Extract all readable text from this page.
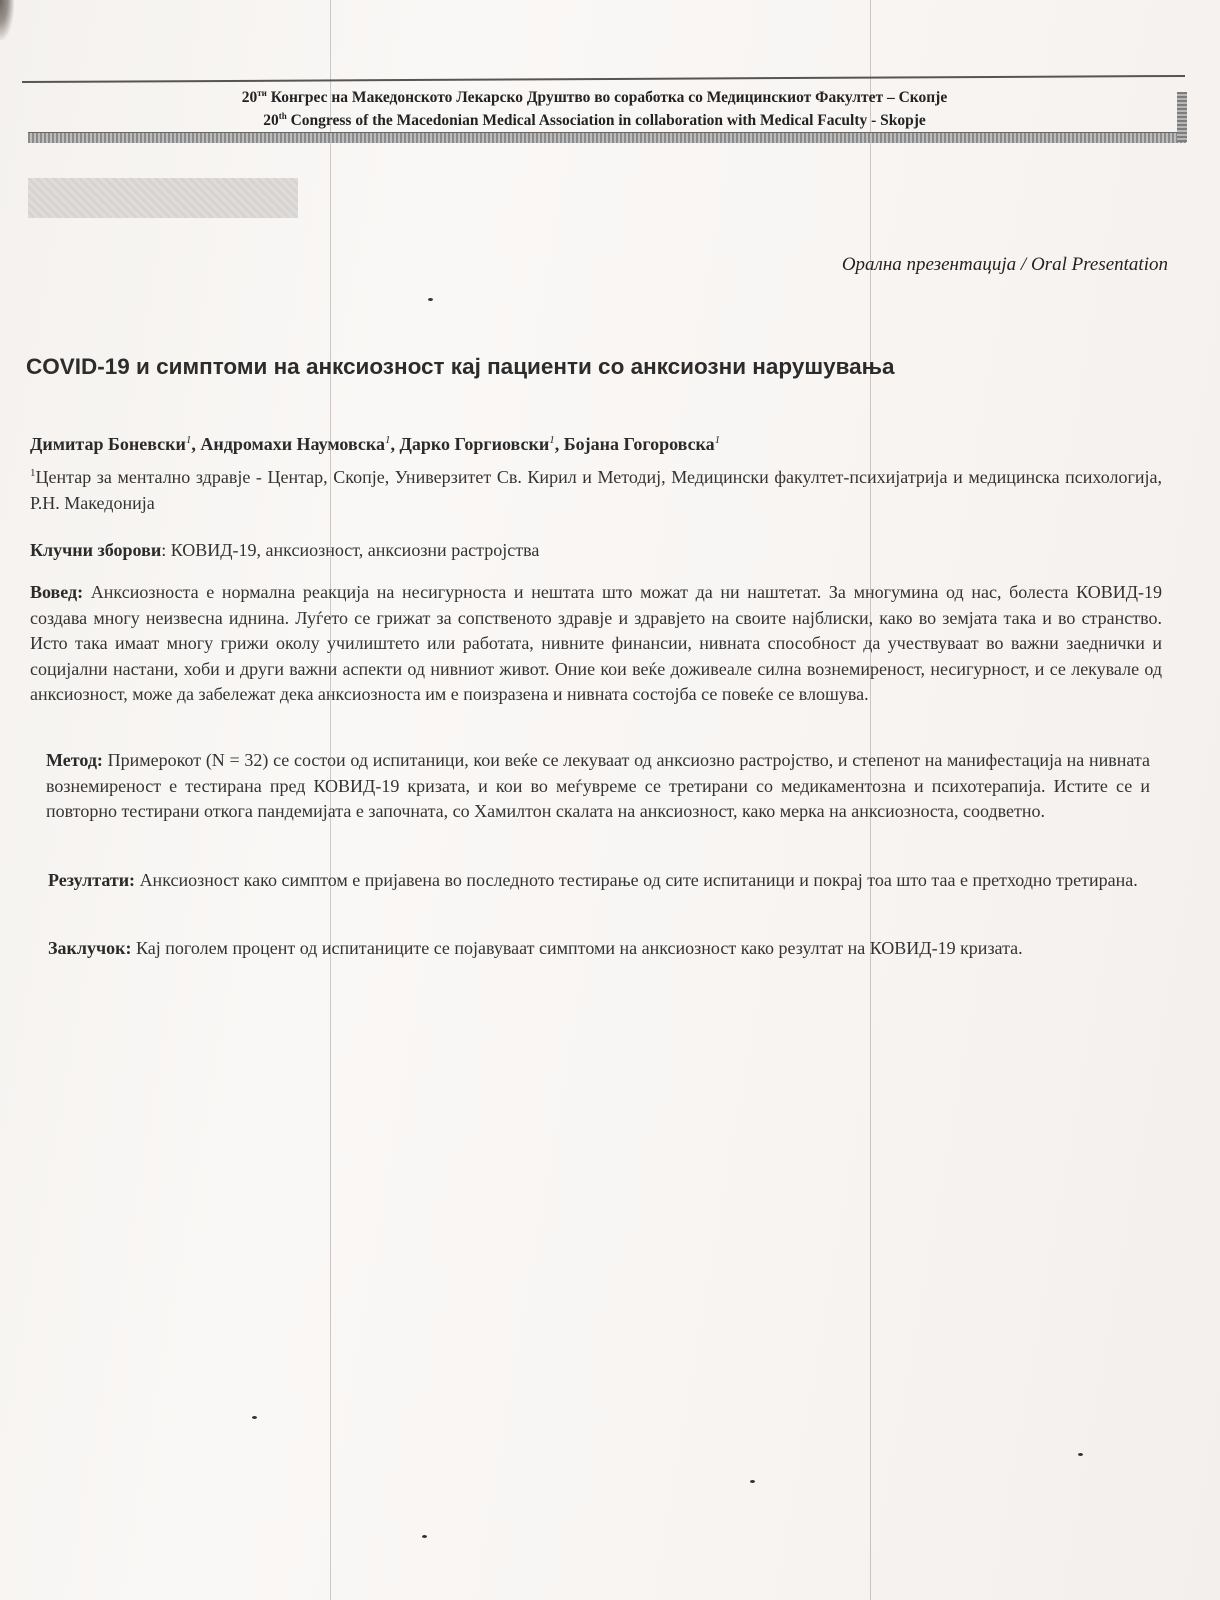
$20^{ти}$ Конгрес на Македонското Лекарско Друштво во соработка со Медицинскиот Факултет – Скопје
20th Congress of the Macedonian Medical Association in collaboration with Medical Faculty - Skopje
Орална презентација / Oral Presentation
COVID-19 и симптоми на анксиозност кај пациенти со анксиозни нарушувања
Димитар Боневски$^1$, Андромахи Наумовска$^1$, Дарко Горгиовски$^1$, Бојана Гогоровска$^1$
$^1$Центар за ментално здравје - Центар, Скопје, Универзитет Св. Кирил и Методиј, Медицински факултет-психијатрија и медицинска психологија, Р.Н. Македонија

Клучни зборови: КОВИД-19, анксиозност, анксиозни растројства

Вовед: Анксиозноста е нормална реакција на несигурноста и нештата што можат да ни наштетат. За многумина од нас, болеста КОВИД-19 создава многу неизвесна иднина. Луѓето се грижат за сопственото здравје и здравјето на своите најблиски, како во земјата така и во странство. Исто така имаат многу грижи околу училиштето или работата, нивните финансии, нивната способност да учествуваат во важни заеднички и социјални настани, хоби и други важни аспекти од нивниот живот. Оние кои веќе доживеале силна вознемиреност, несигурност, и се лекувале од анксиозност, може да забележат дека анксиозноста им е поизразена и нивната состојба се повеќе се влошува.

Метод: Примерокот (N = 32) се состои од испитаници, кои веќе се лекуваат од анксиозно растројство, и степенот на манифестација на нивната вознемиреност е тестирана пред КОВИД-19 кризата, и кои во меѓувреме се третирани со медикаментозна и психотерапија. Истите се и повторно тестирани откога пандемијата е започната, со Хамилтон скалата на анксиозност, како мерка на анксиозноста, соодветно.

Резултати: Анксиозност како симптом е пријавена во последното тестирање од сите испитаници и покрај тоа што таа е претходно третирана.

Заклучок: Кај поголем процент од испитаниците се појавуваат симптоми на анксиозност како резултат на КОВИД-19 кризата.
